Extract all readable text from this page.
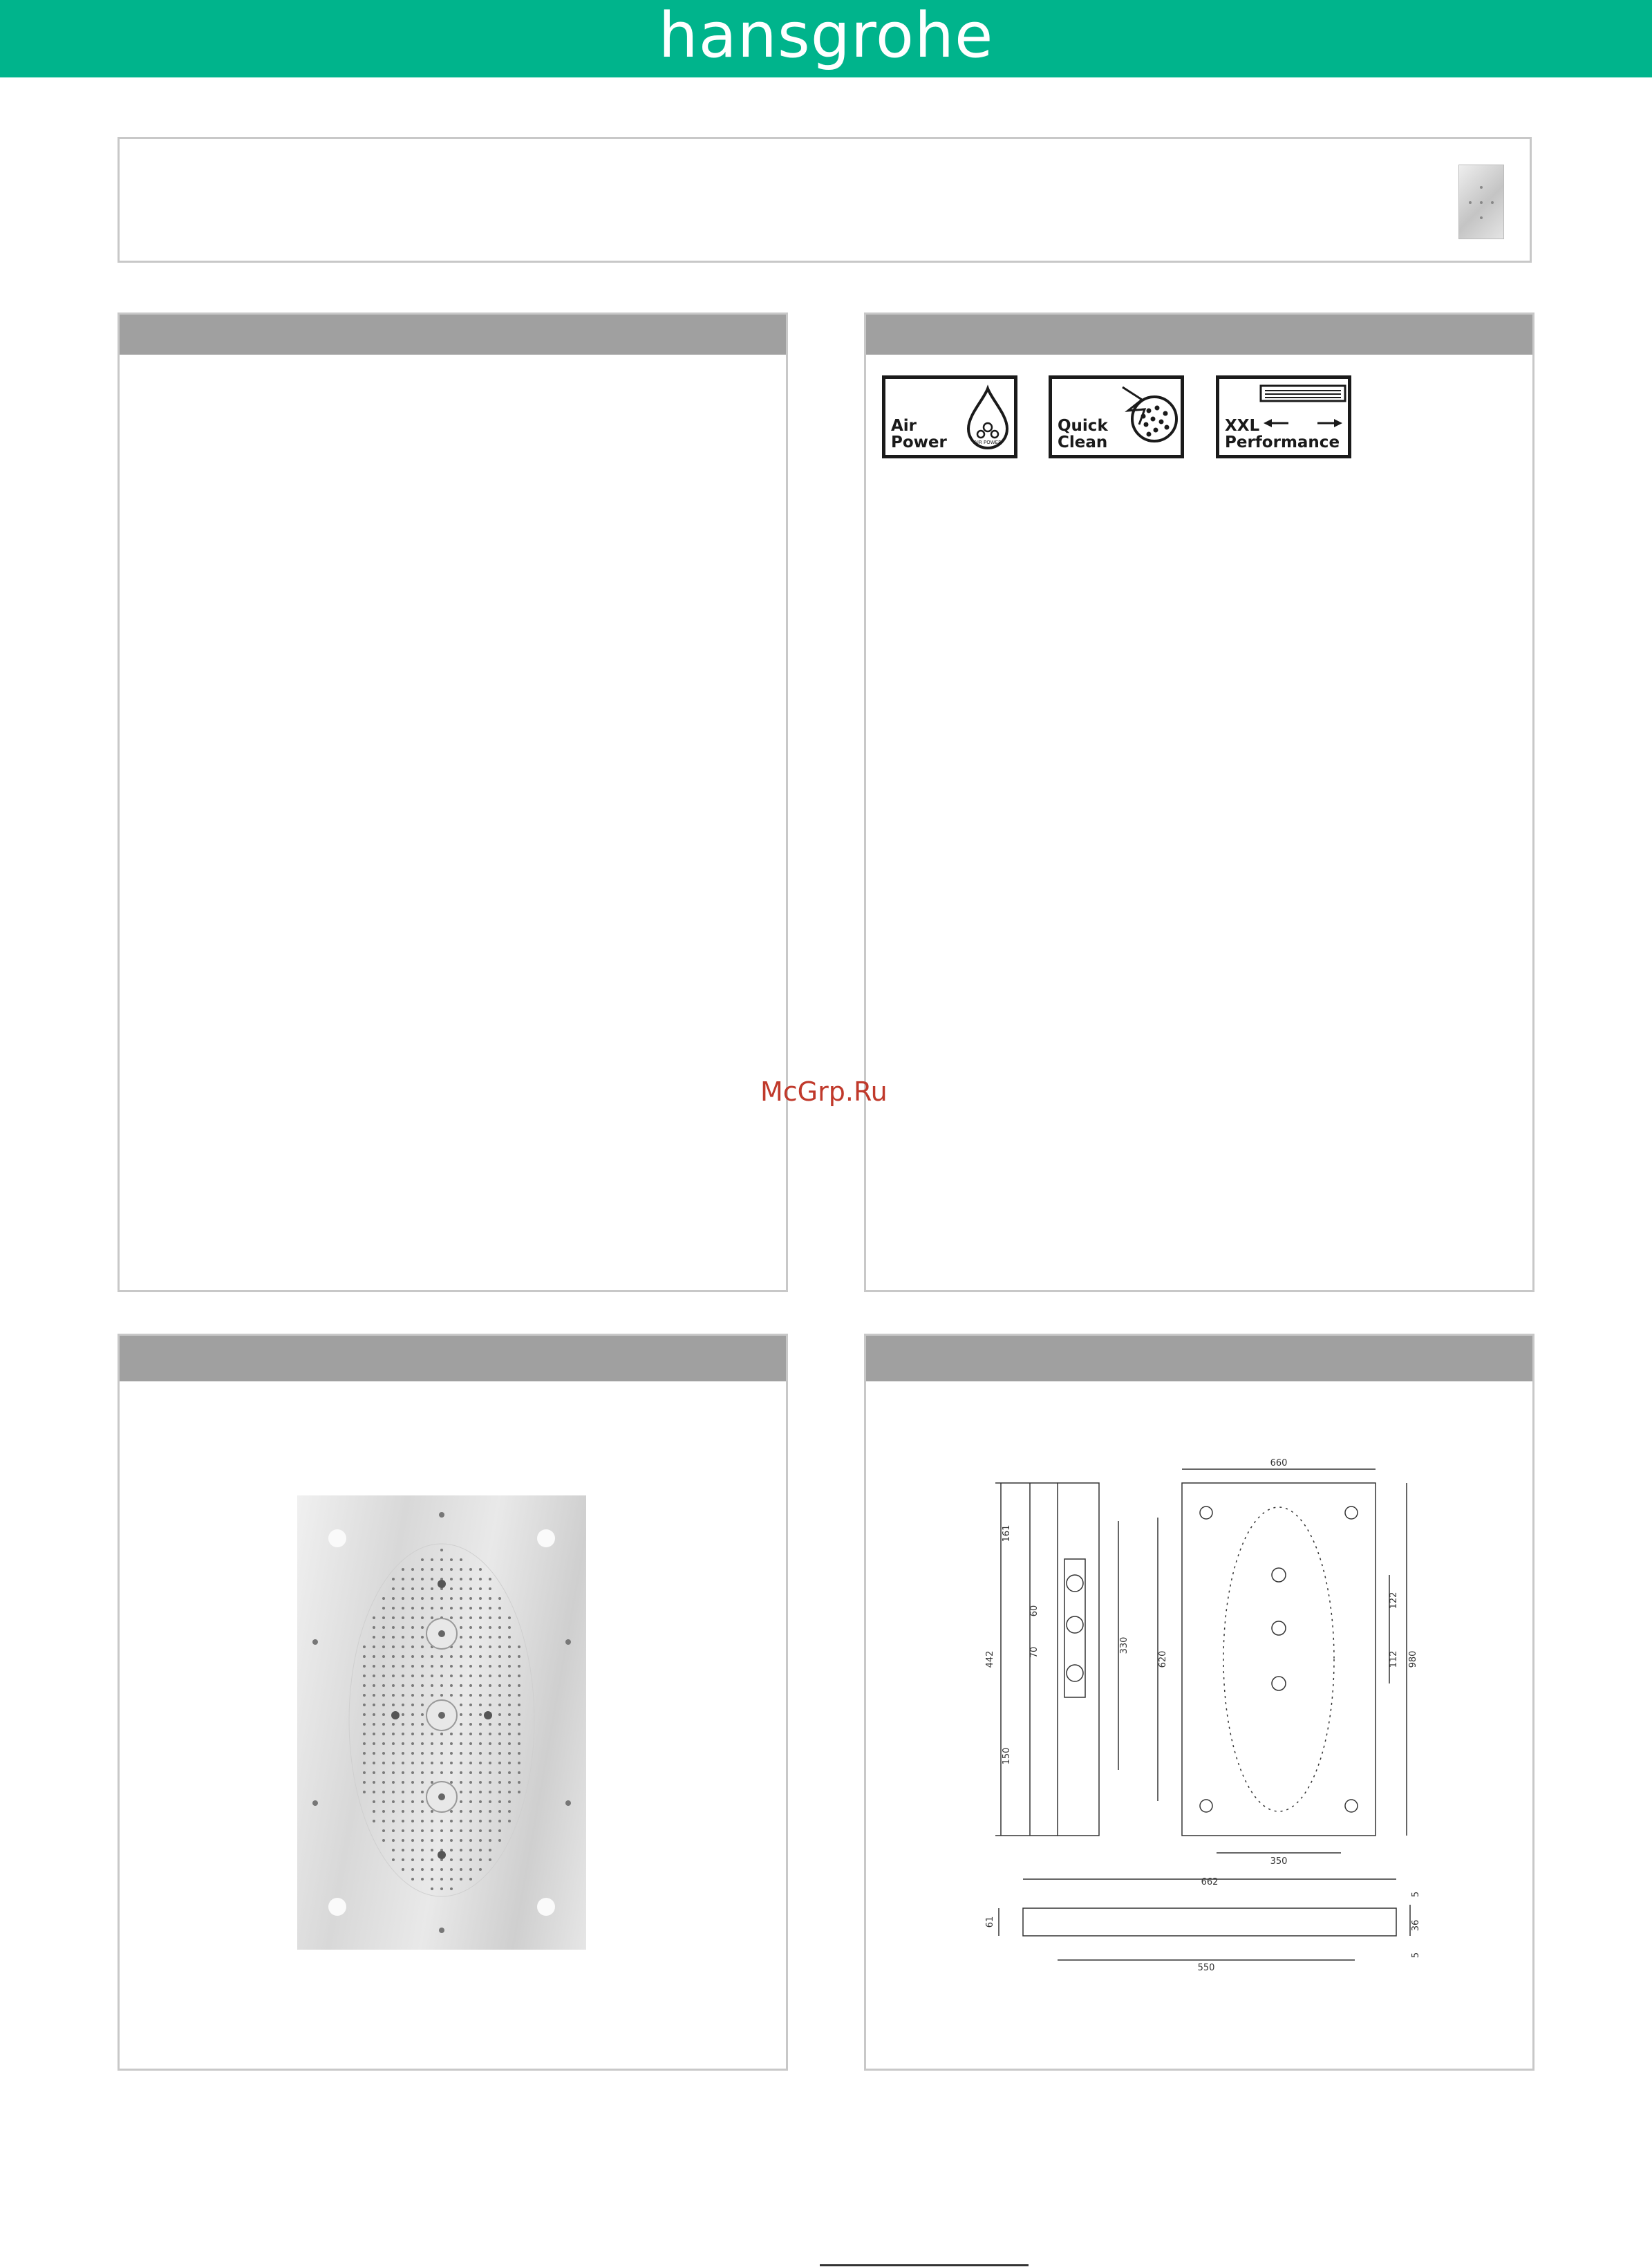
hansgrohe
Air
Power	AIR POWER
Quick
Clean
XXL
Performance
McGrp.Ru
161
60
70
150
442
330
660
620	980
350
122
112
662
550
61	36
5
5
